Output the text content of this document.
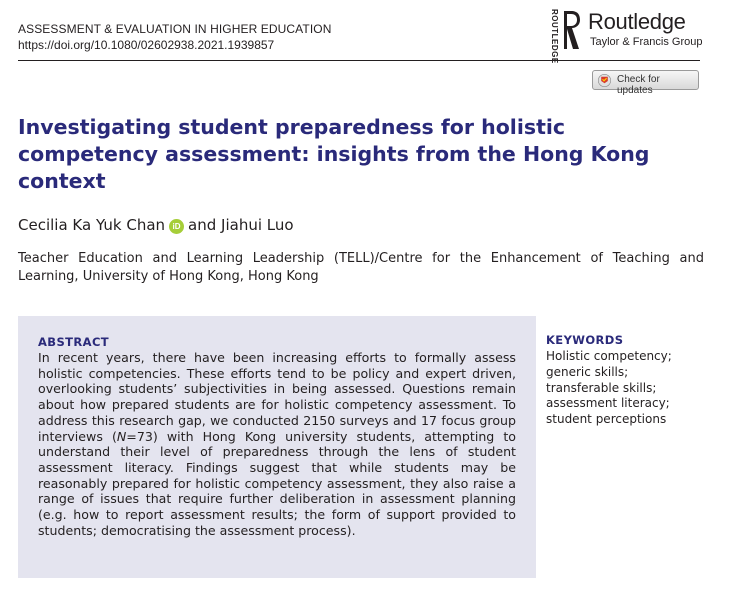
ASSESSMENT & EVALUATION IN HIGHER EDUCATION
https://doi.org/10.1080/02602938.2021.1939857	ROUTLEDGE Routledge
Taylor & Francis Group
Check for updates
Investigating student preparedness for holistic competency assessment: insights from the Hong Kong context
Cecilia Ka Yuk Chan iD and Jiahui Luo

Teacher Education and Learning Leadership (TELL)/Centre for the Enhancement of Teaching and Learning, University of Hong Kong, Hong Kong

ABSTRACT

In recent years, there have been increasing efforts to formally assess holistic competencies. These efforts tend to be policy and expert driven, overlooking students’ subjectivities in being assessed. Questions remain about how prepared students are for holistic competency assessment. To address this research gap, we conducted 2150 surveys and 17 focus group interviews (N=73) with Hong Kong university students, attempting to understand their level of preparedness through the lens of student assessment literacy. Findings suggest that while students may be reasonably prepared for holistic competency assessment, they also raise a range of issues that require further deliberation in assessment planning (e.g. how to report assessment results; the form of support provided to students; democratising the assessment process).

KEYWORDS
Holistic competency;
generic skills;
transferable skills;
assessment literacy;
student perceptions
